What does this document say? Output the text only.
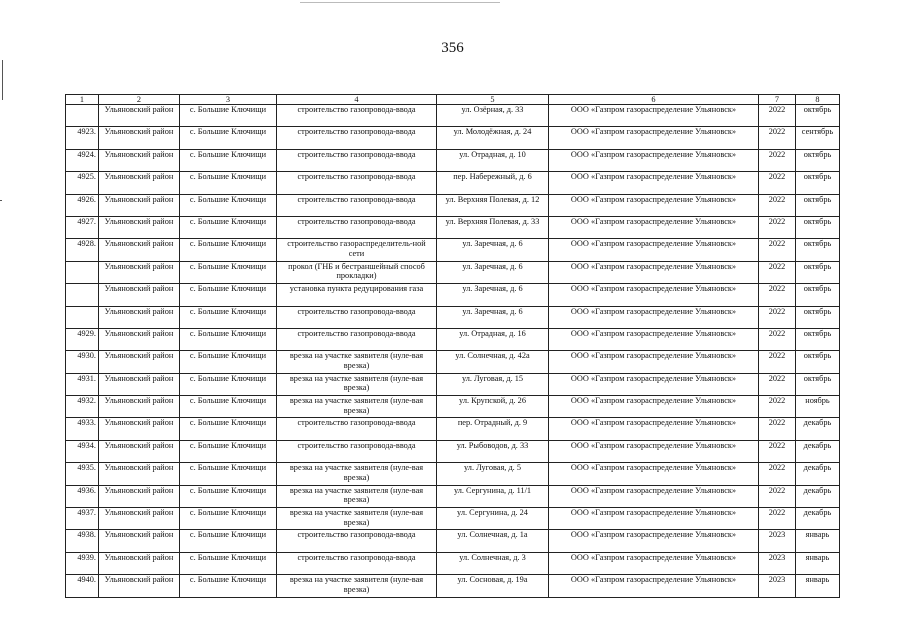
356
1	2	3	4	5	6	7	8
	Ульяновский район	с. Большие Ключищи	строительство газопровода-ввода	ул. Озёрная, д. 33	ООО «Газпром газораспределение Ульяновск»	2022	октябрь
4923.	Ульяновский район	с. Большие Ключищи	строительство газопровода-ввода	ул. Молодёжная, д. 24	ООО «Газпром газораспределение Ульяновск»	2022	сентябрь
4924.	Ульяновский район	с. Большие Ключищи	строительство газопровода-ввода	ул. Отрадная, д. 10	ООО «Газпром газораспределение Ульяновск»	2022	октябрь
4925.	Ульяновский район	с. Большие Ключищи	строительство газопровода-ввода	пер. Набережный, д. 6	ООО «Газпром газораспределение Ульяновск»	2022	октябрь
4926.	Ульяновский район	с. Большие Ключищи	строительство газопровода-ввода	ул. Верхняя Полевая, д. 12	ООО «Газпром газораспределение Ульяновск»	2022	октябрь
4927.	Ульяновский район	с. Большие Ключищи	строительство газопровода-ввода	ул. Верхняя Полевая, д. 33	ООО «Газпром газораспределение Ульяновск»	2022	октябрь
4928.	Ульяновский район	с. Большие Ключищи	строительство газораспределитель-ной сети	ул. Заречная, д. 6	ООО «Газпром газораспределение Ульяновск»	2022	октябрь
	Ульяновский район	с. Большие Ключищи	прокол (ГНБ и бестраншейный способ прокладки)	ул. Заречная, д. 6	ООО «Газпром газораспределение Ульяновск»	2022	октябрь
	Ульяновский район	с. Большие Ключищи	установка пункта редуцирования газа	ул. Заречная, д. 6	ООО «Газпром газораспределение Ульяновск»	2022	октябрь
	Ульяновский район	с. Большие Ключищи	строительство газопровода-ввода	ул. Заречная, д. 6	ООО «Газпром газораспределение Ульяновск»	2022	октябрь
4929.	Ульяновский район	с. Большие Ключищи	строительство газопровода-ввода	ул. Отрадная, д. 16	ООО «Газпром газораспределение Ульяновск»	2022	октябрь
4930.	Ульяновский район	с. Большие Ключищи	врезка на участке заявителя (нуле-вая врезка)	ул. Солнечная, д. 42а	ООО «Газпром газораспределение Ульяновск»	2022	октябрь
4931.	Ульяновский район	с. Большие Ключищи	врезка на участке заявителя (нуле-вая врезка)	ул. Луговая, д. 15	ООО «Газпром газораспределение Ульяновск»	2022	октябрь
4932.	Ульяновский район	с. Большие Ключищи	врезка на участке заявителя (нуле-вая врезка)	ул. Крупской, д. 26	ООО «Газпром газораспределение Ульяновск»	2022	ноябрь
4933.	Ульяновский район	с. Большие Ключищи	строительство газопровода-ввода	пер. Отрадный, д. 9	ООО «Газпром газораспределение Ульяновск»	2022	декабрь
4934.	Ульяновский район	с. Большие Ключищи	строительство газопровода-ввода	ул. Рыбоводов, д. 33	ООО «Газпром газораспределение Ульяновск»	2022	декабрь
4935.	Ульяновский район	с. Большие Ключищи	врезка на участке заявителя (нуле-вая врезка)	ул. Луговая, д. 5	ООО «Газпром газораспределение Ульяновск»	2022	декабрь
4936.	Ульяновский район	с. Большие Ключищи	врезка на участке заявителя (нуле-вая врезка)	ул. Сергунина, д. 11/1	ООО «Газпром газораспределение Ульяновск»	2022	декабрь
4937.	Ульяновский район	с. Большие Ключищи	врезка на участке заявителя (нуле-вая врезка)	ул. Сергунина, д. 24	ООО «Газпром газораспределение Ульяновск»	2022	декабрь
4938.	Ульяновский район	с. Большие Ключищи	строительство газопровода-ввода	ул. Солнечная, д. 1а	ООО «Газпром газораспределение Ульяновск»	2023	январь
4939.	Ульяновский район	с. Большие Ключищи	строительство газопровода-ввода	ул. Солнечная, д. 3	ООО «Газпром газораспределение Ульяновск»	2023	январь
4940.	Ульяновский район	с. Большие Ключищи	врезка на участке заявителя (нуле-вая врезка)	ул. Сосновая, д. 19а	ООО «Газпром газораспределение Ульяновск»	2023	январь
